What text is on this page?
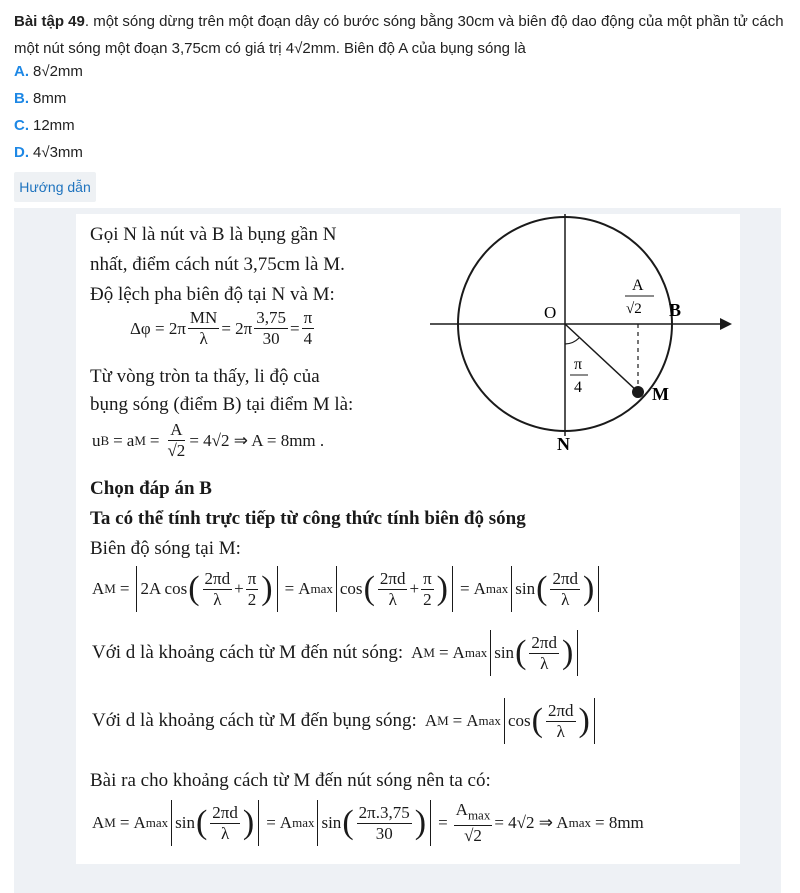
Bài tập 49. một sóng dừng trên một đoạn dây có bước sóng bằng 30cm và biên độ dao động của một phần tử cách một nút sóng một đoạn 3,75cm có giá trị 4√2mm. Biên độ A của bụng sóng là
A. 8√2mm
B. 8mm
C. 12mm
D. 4√3mm
Hướng dẫn
Gọi N là nút và B là bụng gần N
nhất, điểm cách nút 3,75cm là M.
Độ lệch pha biên độ tại N và M:
$\Delta\varphi = 2\pi \frac{MN}{\lambda} = 2\pi \frac{3,75}{30} = \frac{\pi}{4}$
Từ vòng tròn ta thấy, li độ của
bụng sóng (điểm B) tại điểm M là:
u B = a $M = \frac{A}{√2} = 4√2$ ⇒ A = 8mm .
Chọn đáp án B
Ta có thể tính trực tiếp từ công thức tính biên độ sóng
Biên độ sóng tại M:
A M = 2A cos ( $\frac{2\pi d}{\lambda} + \frac{\pi}{2}$ ) = A max cos ( $\frac{2\pi d}{\lambda} + \frac{\pi}{2}$ ) = A max sin ( $\frac{2\pi d}{\lambda}$ )
Với d là khoảng cách từ M đến nút sóng: A M = A max sin ( $\frac{2\pi d}{\lambda}$ )
Với d là khoảng cách từ M đến bụng sóng: A M = A max cos ( $\frac{2\pi d}{\lambda}$ )
Bài ra cho khoảng cách từ M đến nút sóng nên ta có:
A M = A max sin ( $\frac{2\pi d}{\lambda}$ ) = A max sin ( $\frac{2\pi.3,75}{30}$ ) = $\frac{A_{max}}{√2} = 4√2$ ⇒ A max = 8mm
O	B
M
N
A
√2
π
4
